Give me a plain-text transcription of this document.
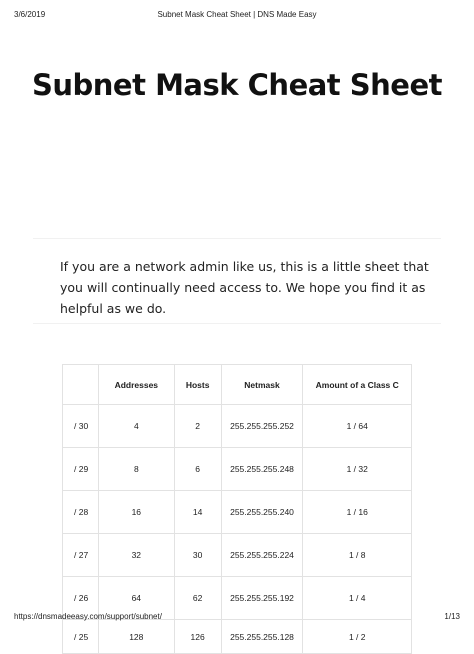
3/6/2019	Subnet Mask Cheat Sheet | DNS Made Easy
Subnet Mask Cheat Sheet

If you are a network admin like us, this is a little sheet that you will continually need access to. We hope you find it as helpful as we do.

	Addresses	Hosts	Netmask	Amount of a Class C
/ 30	4	2	255.255.255.252	1 / 64
/ 29	8	6	255.255.255.248	1 / 32
/ 28	16	14	255.255.255.240	1 / 16
/ 27	32	30	255.255.255.224	1 / 8
/ 26	64	62	255.255.255.192	1 / 4
/ 25	128	126	255.255.255.128	1 / 2
https://dnsmadeeasy.com/support/subnet/	1/13
